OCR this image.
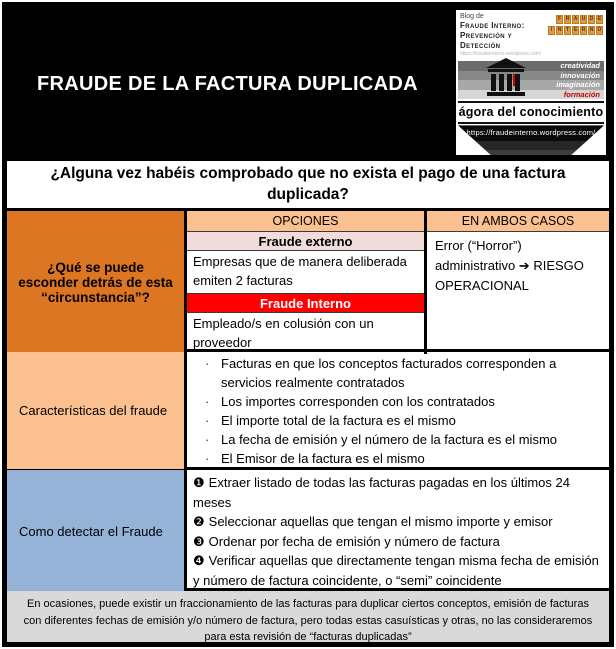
FRAUDE DE LA FACTURA DUPLICADA
Blog de
Fraude Interno:
Prevención y Detección
https://fraudeinterno.wordpress.com/
F R A U D E
I	N T E R N O
creatividad
innovación
imaginación
formación
ágora del conocimiento
https://fraudeinterno.wordpress.com/
¿Alguna vez habéis comprobado que no exista el pago de una factura duplicada?
¿Qué se puede esconder detrás de esta “circunstancia”?
OPCIONES
Fraude externo
Empresas que de manera deliberada emiten 2 facturas
Fraude Interno
Empleado/s en colusión con un proveedor
EN AMBOS CASOS
Error (“Horror”) administrativo ➔ RIESGO OPERACIONAL
Características del fraude
· Facturas en que los conceptos facturados corresponden a servicios realmente contratados
· Los importes corresponden con los contratados
· El importe total de la factura es el mismo
· La fecha de emisión y el número de la factura es el mismo
· El Emisor de la factura es el mismo
Como detectar el Fraude
❶ Extraer listado de todas las facturas pagadas en los últimos 24 meses
❷ Seleccionar aquellas que tengan el mismo importe y emisor
❸ Ordenar por fecha de emisión y número de factura
❹ Verificar aquellas que directamente tengan misma fecha de emisión y número de factura coincidente, o “semi” coincidente
En ocasiones, puede existir un fraccionamiento de las facturas para duplicar ciertos conceptos, emisión de facturas con diferentes fechas de emisión y/o número de factura, pero todas estas casuísticas y otras, no las consideraremos para esta revisión de “facturas duplicadas”
